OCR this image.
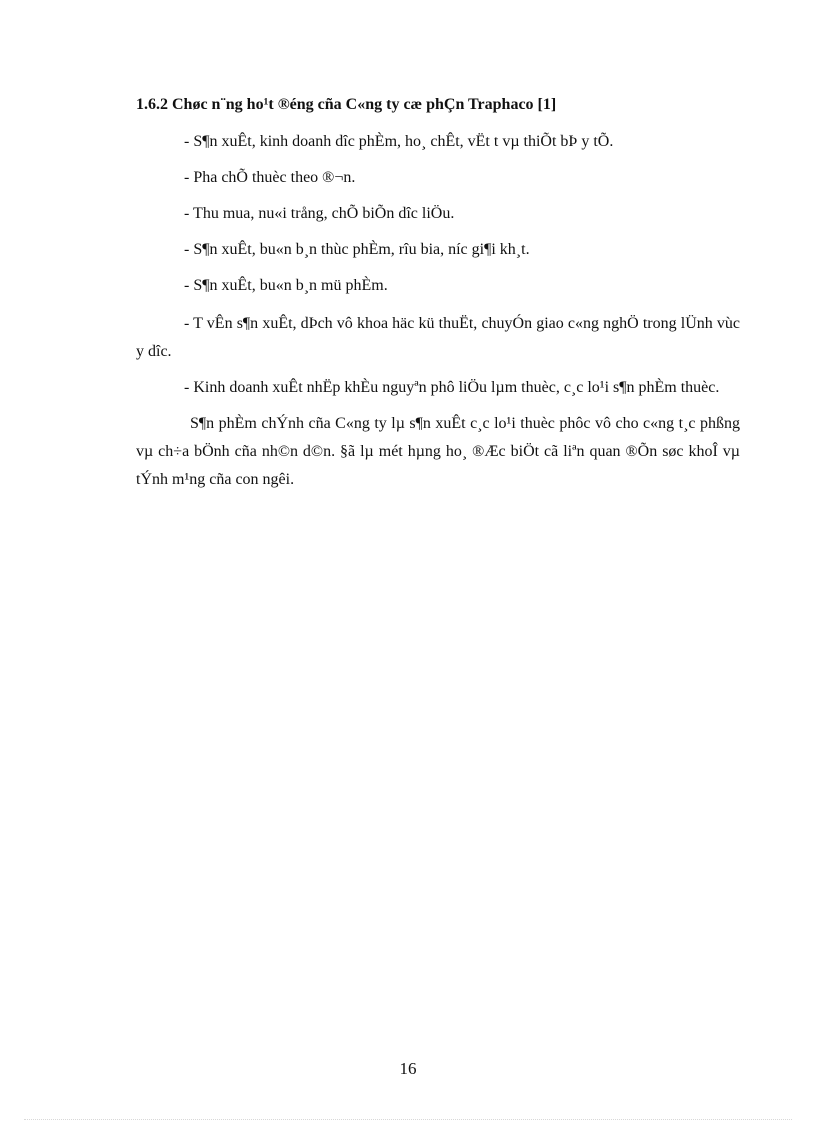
1.6.2 Chøc n¨ng ho¹t ®éng cña C«ng ty cæ phÇn Traphaco [1]
- S¶n xuÊt, kinh doanh dîc phÈm, ho¸ chÊt, vËt t vµ thiÕt bÞ y tÕ.
- Pha chÕ thuèc theo ®¬n.
- Thu mua, nu«i trång, chÕ biÕn dîc liÖu.
- S¶n xuÊt, bu«n b¸n thùc phÈm, rîu bia, níc gi¶i kh¸t.
- S¶n xuÊt, bu«n b¸n mü phÈm.
- T vÊn s¶n xuÊt, dÞch vô khoa häc kü thuËt, chuyÓn giao c«ng nghÖ trong lÜnh vùc y dîc.
- Kinh doanh xuÊt nhËp khÈu nguyªn phô liÖu lµm thuèc, c¸c lo¹i s¶n phÈm thuèc.

S¶n phÈm chÝnh cña C«ng ty lµ s¶n xuÊt c¸c lo¹i thuèc phôc vô cho c«ng t¸c phßng vµ ch÷a bÖnh cña nh©n d©n. §ã lµ mét hµng ho¸ ®Æc biÖt cã liªn quan ®Õn søc khoÎ vµ tÝnh m¹ng cña con ngêi.

16
